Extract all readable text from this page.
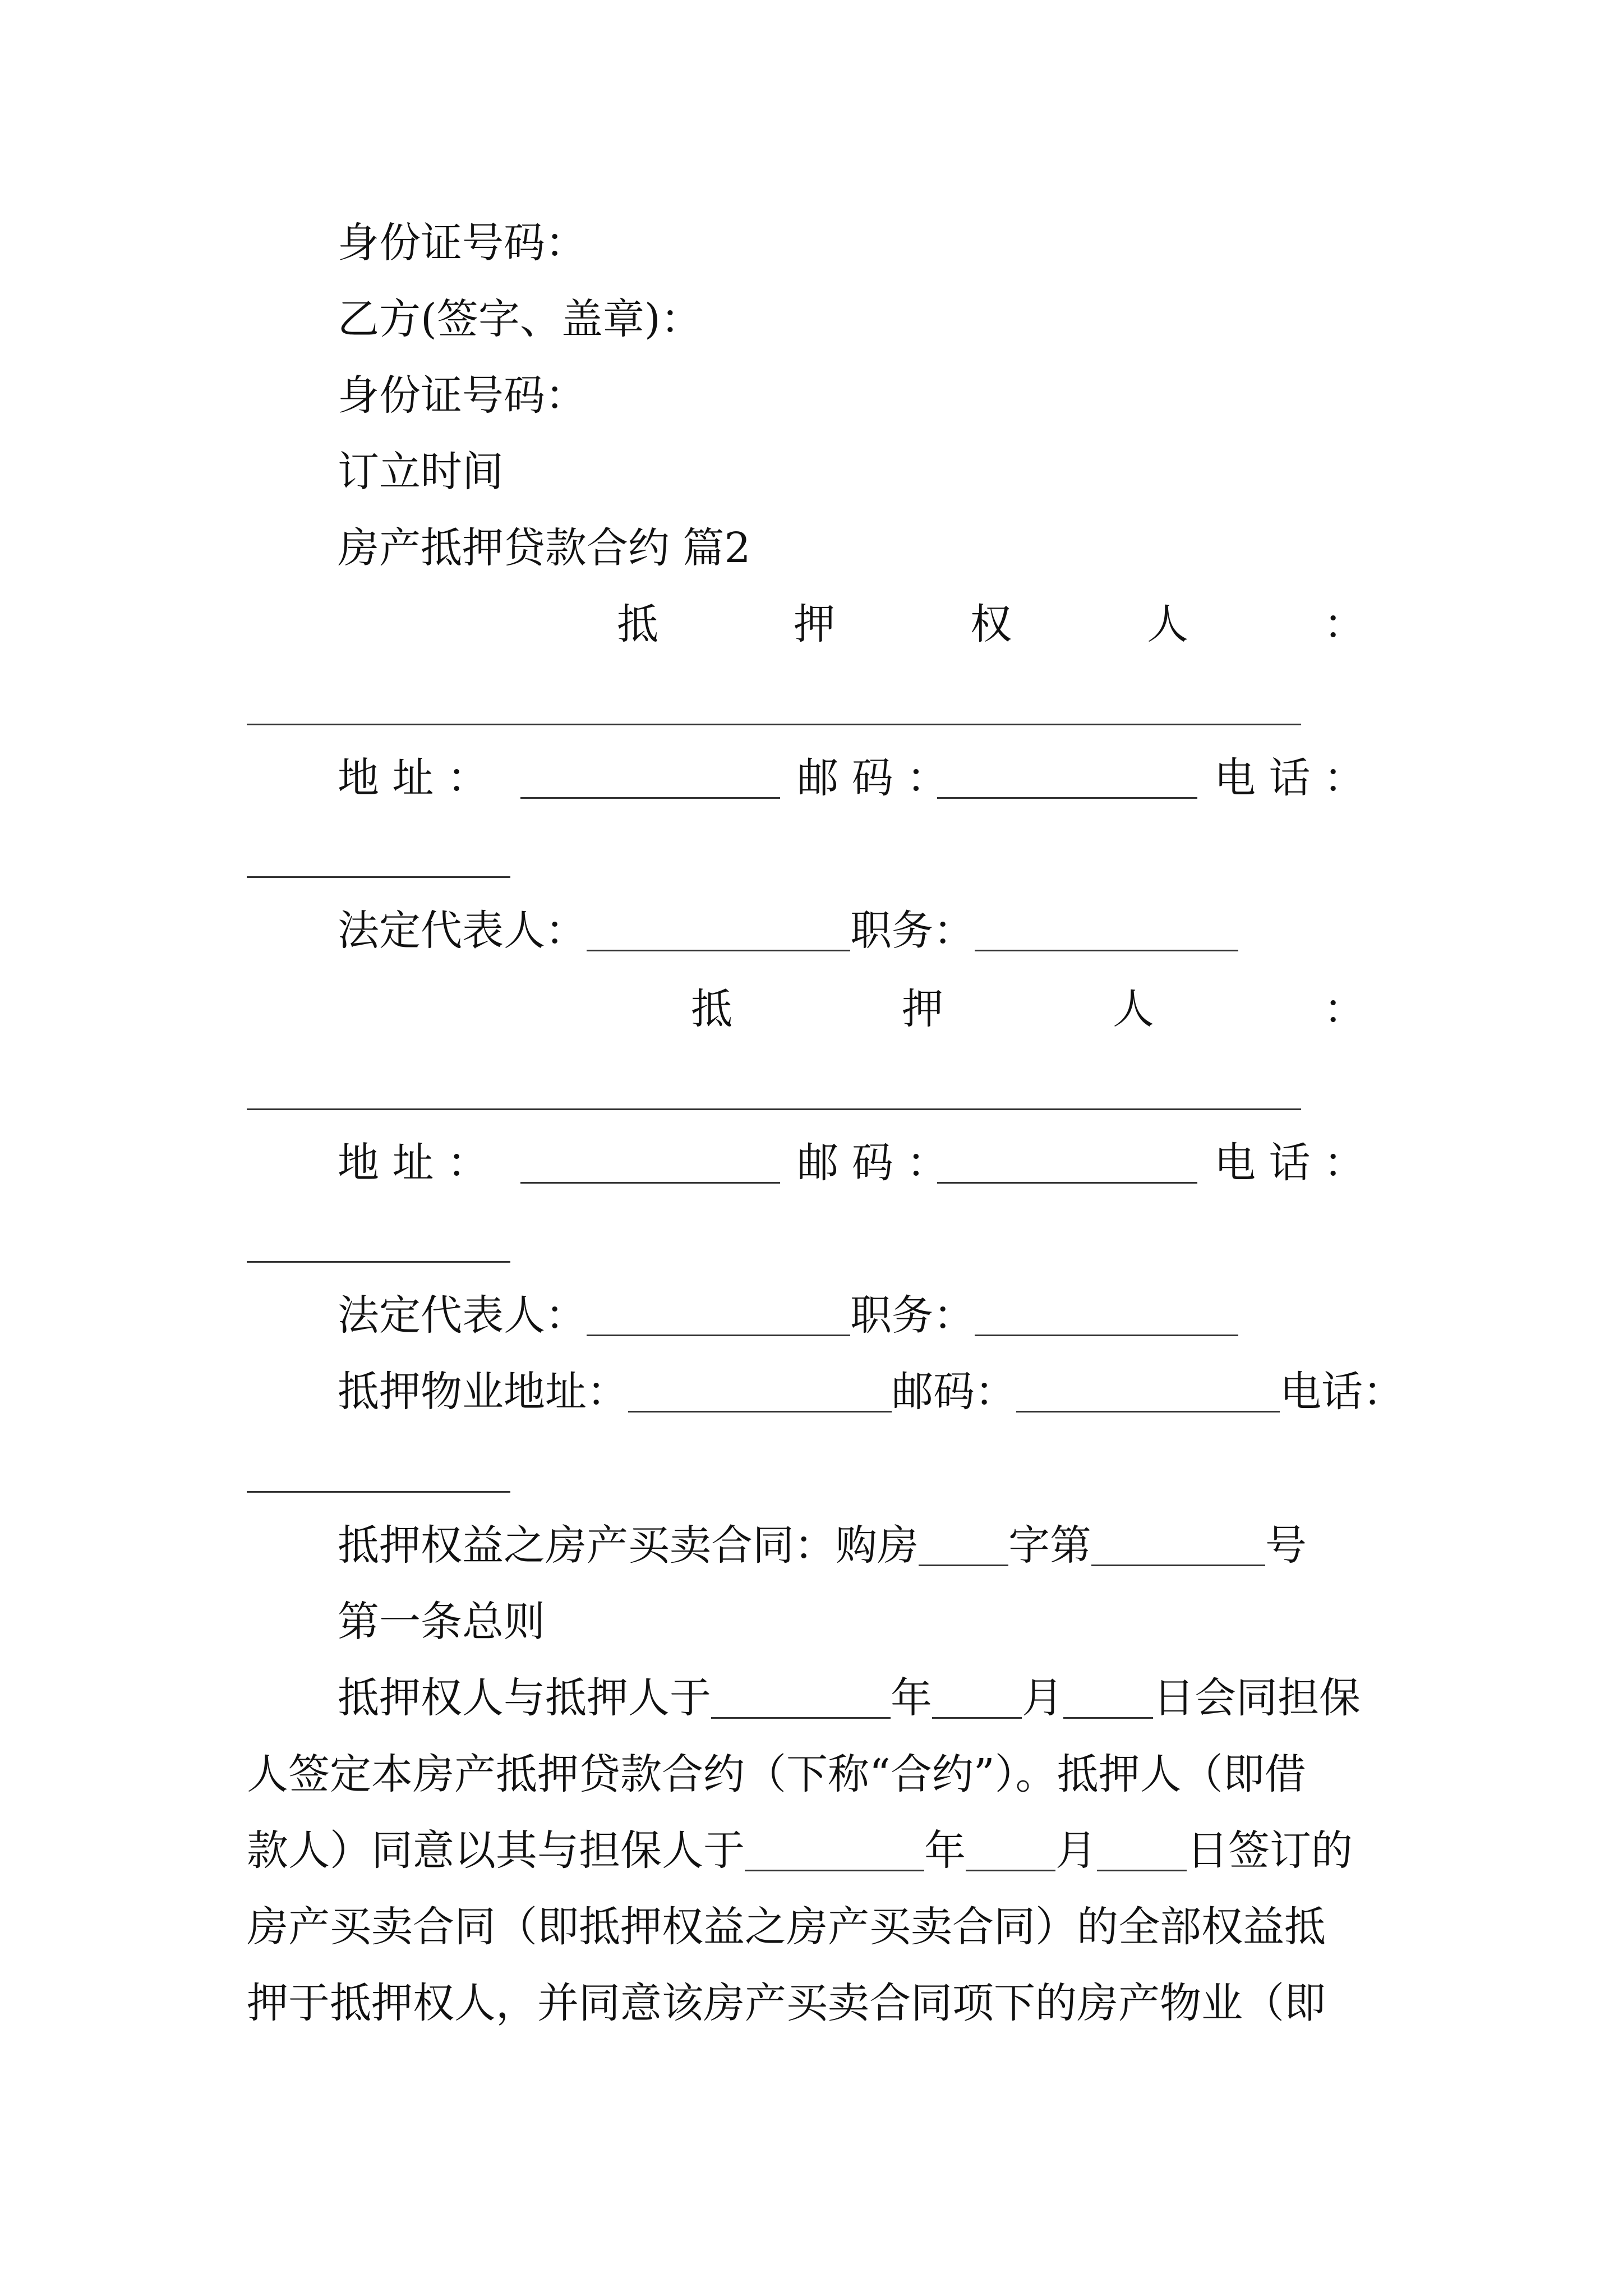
身份证号码：
乙方(签字、盖章)：
身份证号码：
订立时间
房产抵押贷款合约 篇2
抵	押	权	人	：
地 址 ：	邮 码 ：	电 话 ：
法定代表人：	职务：
抵	押	人	：
地 址 ：	邮 码 ：	电 话 ：
法定代表人：	职务：
抵押物业地址：	邮码：	电话：
抵押权益之房产买卖合同：购房 字第	号
第一条总则
抵押权人与抵押人于	年 月 日会同担保
人签定本房产抵押贷款合约（下称“合约”）。抵押人（即借
款人）同意以其与担保人于	年 月 日签订的
房产买卖合同（即抵押权益之房产买卖合同）的全部权益抵
押于抵押权人，并同意该房产买卖合同项下的房产物业（即
